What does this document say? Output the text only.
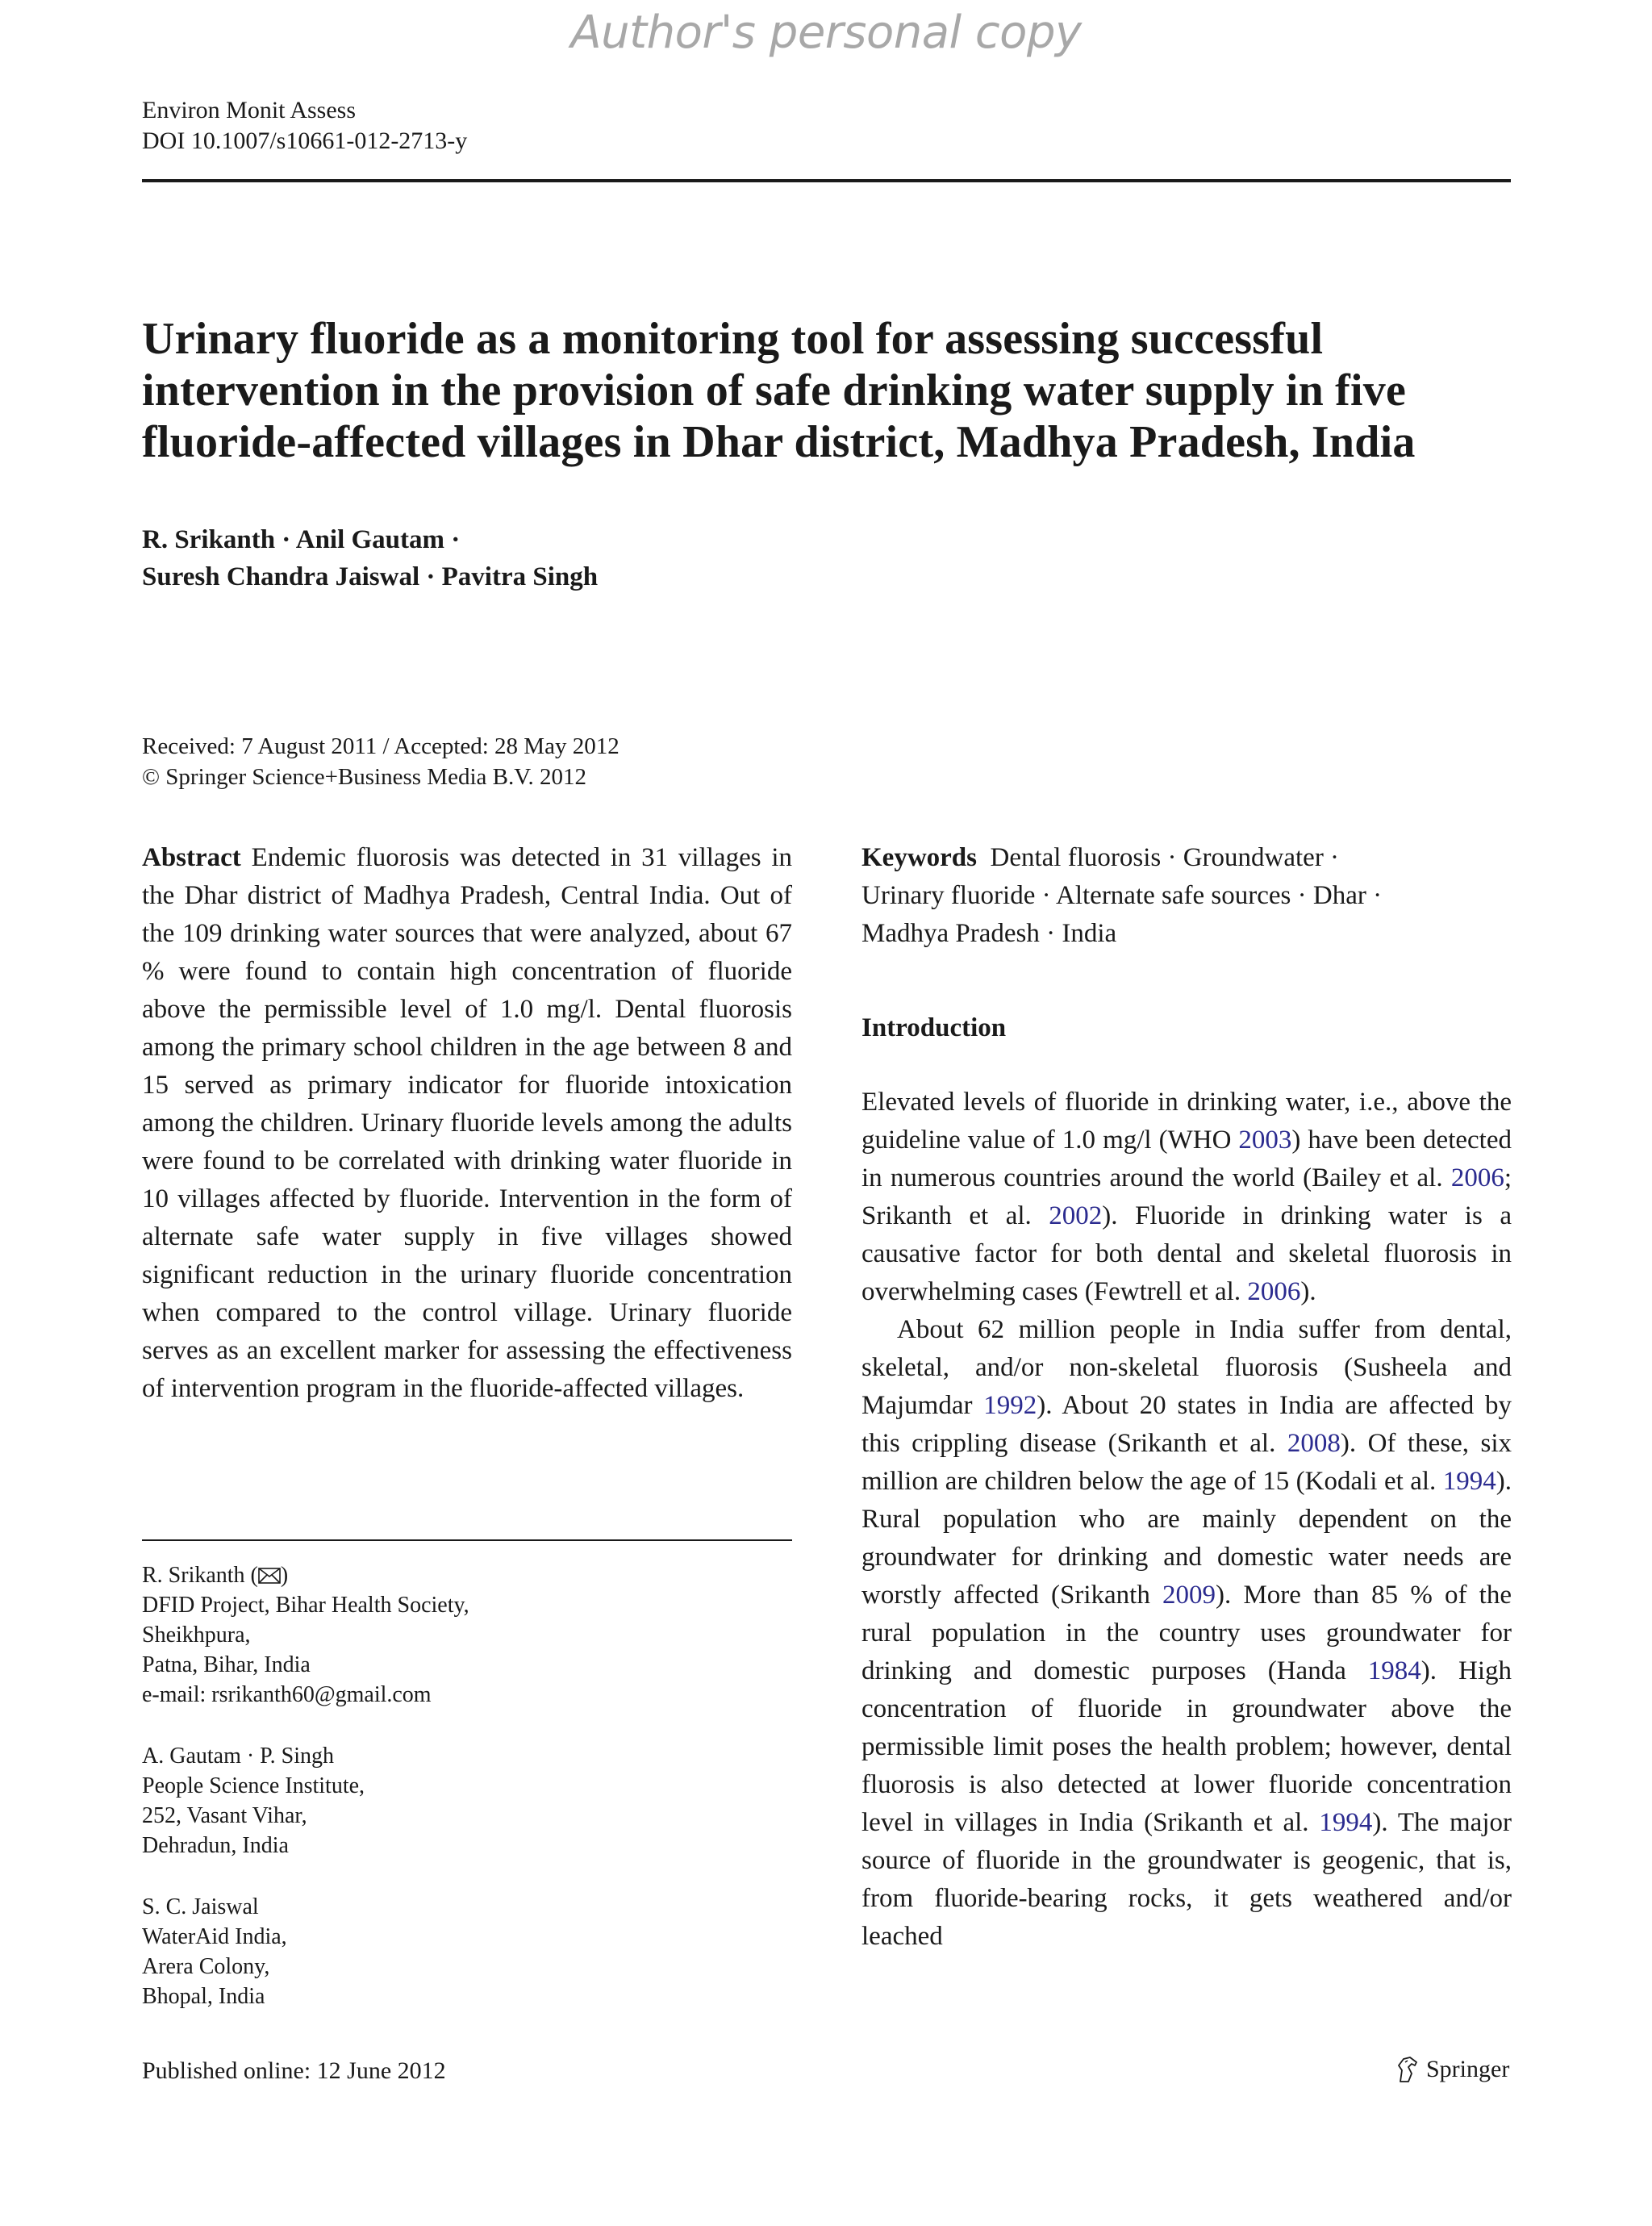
Author's personal copy
Environ Monit Assess
DOI 10.1007/s10661-012-2713-y
Urinary fluoride as a monitoring tool for assessing successful
intervention in the provision of safe drinking water supply in five
fluoride-affected villages in Dhar district, Madhya Pradesh, India
R. Srikanth · Anil Gautam ·
Suresh Chandra Jaiswal · Pavitra Singh
Received: 7 August 2011 / Accepted: 28 May 2012
© Springer Science+Business Media B.V. 2012

Abstract Endemic fluorosis was detected in 31 villages in the Dhar district of Madhya Pradesh, Central India. Out of the 109 drinking water sources that were analyzed, about 67 % were found to contain high concentration of fluoride above the permissible level of 1.0 mg/l. Dental fluorosis among the primary school children in the age between 8 and 15 served as primary indicator for fluoride intoxication among the children. Urinary fluoride levels among the adults were found to be correlated with drinking water fluoride in 10 villages affected by fluoride. Intervention in the form of alternate safe water supply in five villages showed significant reduction in the urinary fluoride concentration when compared to the control village. Urinary fluoride serves as an excellent marker for assessing the effectiveness of intervention program in the fluoride-affected villages.

R. Srikanth ( )
DFID Project, Bihar Health Society,
Sheikhpura,
Patna, Bihar, India
e-mail: rsrikanth60@gmail.com
A. Gautam · P. Singh
People Science Institute,
252, Vasant Vihar,
Dehradun, India
S. C. Jaiswal
WaterAid India,
Arera Colony,
Bhopal, India
Keywords Dental fluorosis · Groundwater ·
Urinary fluoride · Alternate safe sources · Dhar ·
Madhya Pradesh · India
Introduction

Elevated levels of fluoride in drinking water, i.e., above the guideline value of 1.0 mg/l (WHO 2003) have been detected in numerous countries around the world (Bailey et al. 2006; Srikanth et al. 2002). Fluoride in drinking water is a causative factor for both dental and skeletal fluorosis in overwhelming cases (Fewtrell et al. 2006).

About 62 million people in India suffer from dental, skeletal, and/or non-skeletal fluorosis (Susheela and Majumdar 1992). About 20 states in India are affected by this crippling disease (Srikanth et al. 2008). Of these, six million are children below the age of 15 (Kodali et al. 1994). Rural population who are mainly dependent on the groundwater for drinking and domestic water needs are worstly affected (Srikanth 2009). More than 85 % of the rural population in the country uses groundwater for drinking and domestic purposes (Handa 1984). High concentration of fluoride in groundwater above the permissible limit poses the health problem; however, dental fluorosis is also detected at lower fluoride concentration level in villages in India (Srikanth et al. 1994). The major source of fluoride in the groundwater is geogenic, that is, from fluoride-bearing rocks, it gets weathered and/or leached

Published online: 12 June 2012	Springer
